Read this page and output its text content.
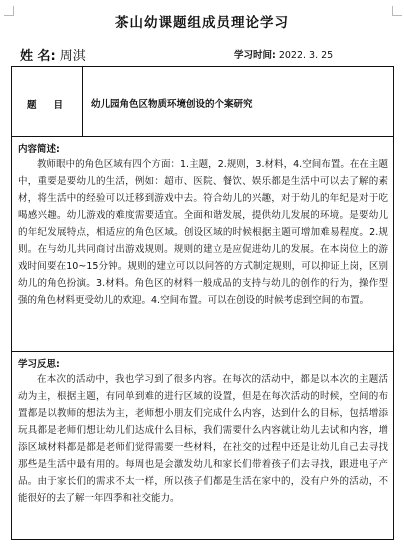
茶山幼课题组成员理论学习
姓 名: 周淇	学习时间: 2022. 3. 25
题目 幼儿园角色区物质环境创设的个案研究
内容简述:

教师眼中的角色区域有四个方面：1.主题，2.规则，3.材料，4.空间布置。在在主题中，重要是要幼儿的生活，例如：超市、医院、餐饮、娱乐都是生活中可以去了解的素材，将生活中的经验可以迁移到游戏中去。符合幼儿的兴趣，对于幼儿的年纪是对于吃喝感兴趣。幼儿游戏的难度需要适宜。全面和谐发展，提供幼儿发展的环境。是要幼儿的年纪发展特点，相适应的角色区域。创设区域的时候根据主题可增加难易程度。2.规则。在与幼儿共同商讨出游戏规则。规则的建立是应促进幼儿的发展。在本岗位上的游戏时间要在10~15分钟。规则的建立可以以问答的方式制定规则，可以抑证上岗，区别幼儿的角色扮演。3.材料。角色区的材料一般成品的支持与幼儿的创作的行为，操作型强的角色材料更受幼儿的欢迎。4.空间布置。可以在创设的时候考虑到空间的布置。

学习反思:

在本次的活动中，我也学习到了很多内容。在每次的活动中，都是以本次的主题活动为主，根据主题，有同单到难的进行区域的设置，但是在每次活动的时候，空间的布置都是以教师的想法为主，老师想小朋友们完成什么内容，达到什么的目标，包括增添玩具都是老师们想让幼儿们达成什么目标，我们需要什么内容就让幼儿去试和内容，增添区域材料都是都是老师们觉得需要一些材料，在社交的过程中还是让幼儿自己去寻找那些是生活中最有用的。每周也是会激发幼儿和家长们带着孩子们去寻找，跟进电子产品。由于家长们的需求不太一样，所以孩子们都是生活在家中的，没有户外的活动，不能很好的去了解一年四季和社交能力。
